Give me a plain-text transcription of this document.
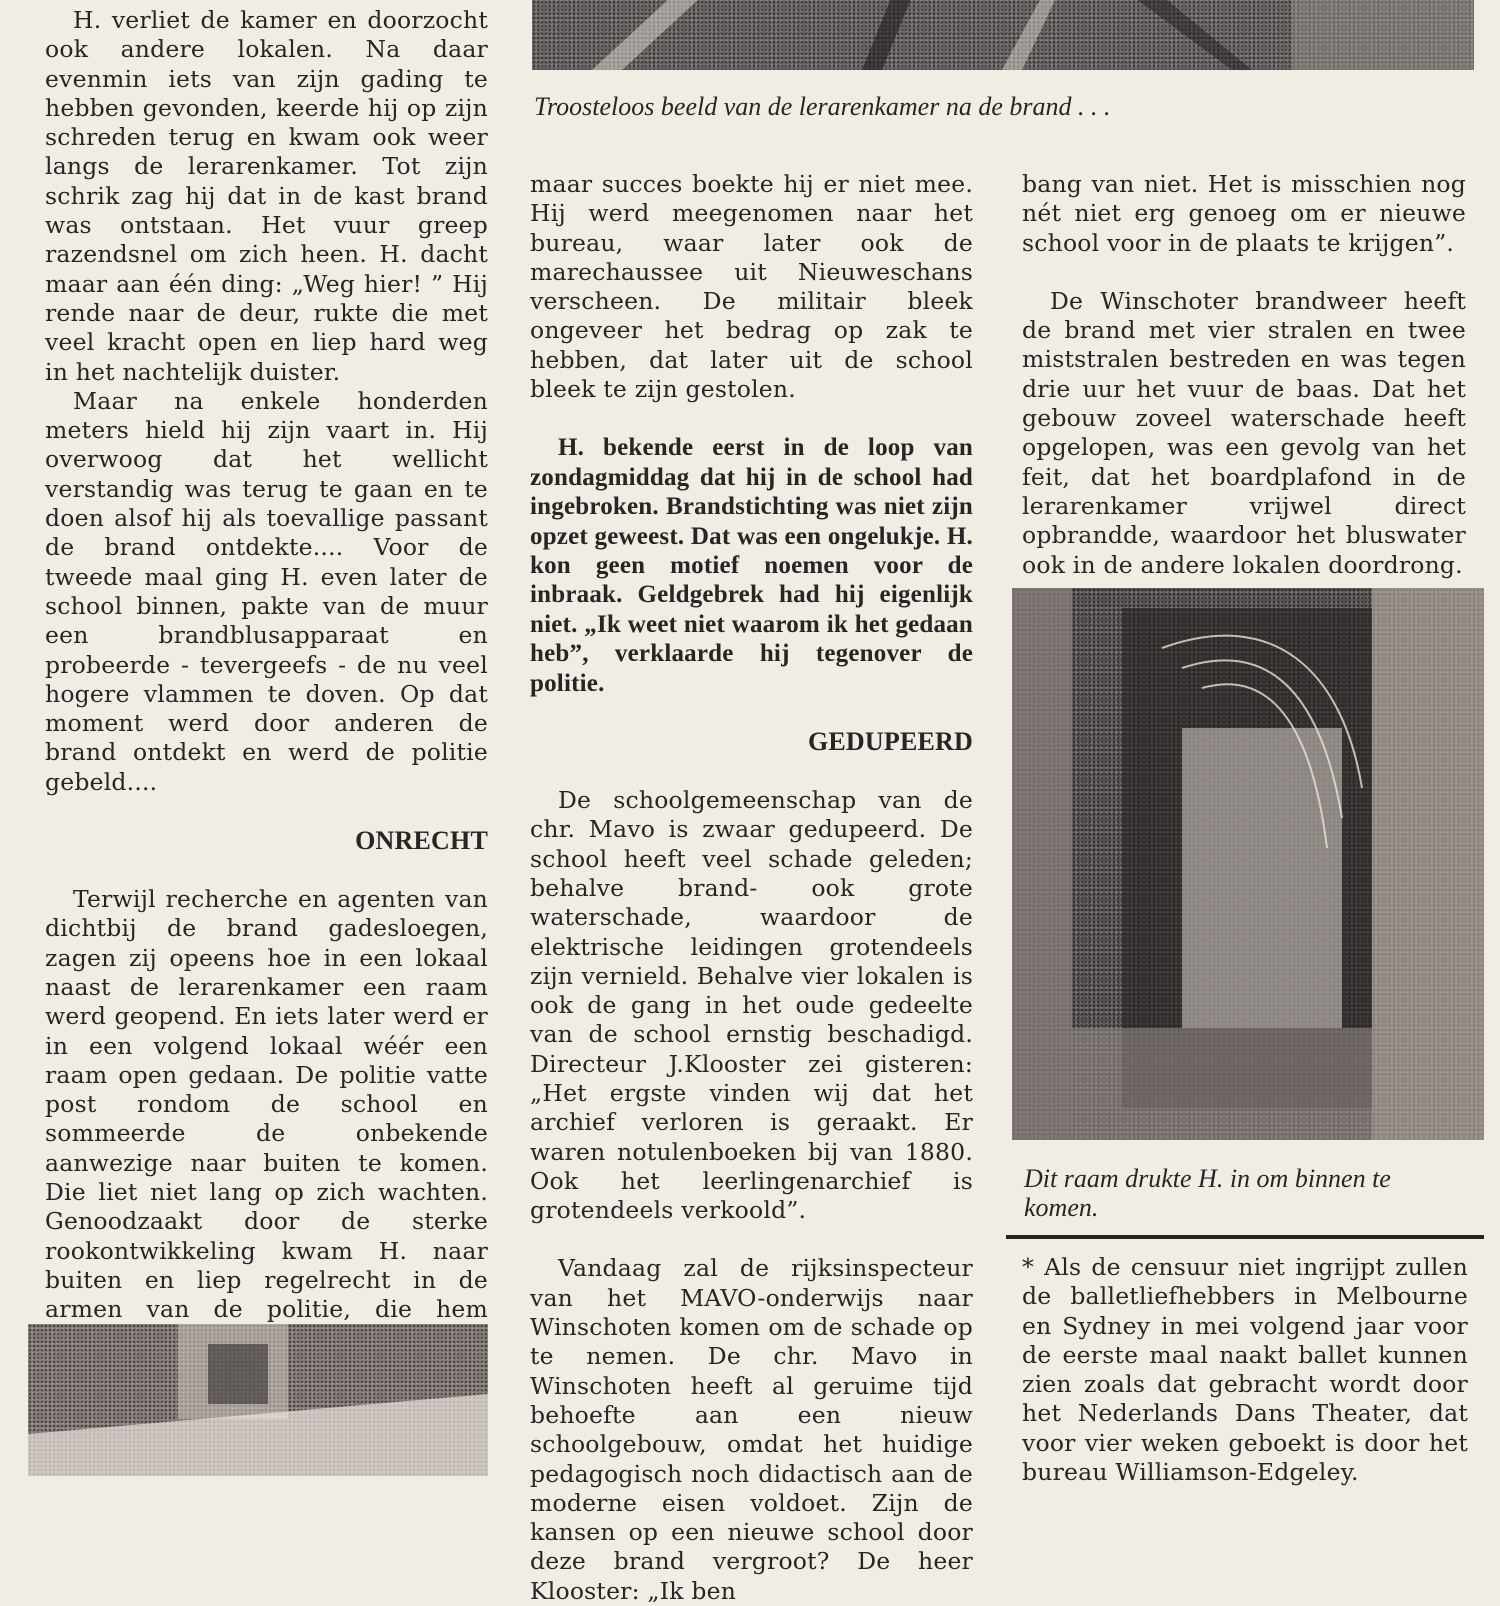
H. verliet de kamer en doorzocht ook andere lokalen. Na daar evenmin iets van zijn gading te hebben gevonden, keerde hij op zijn schreden terug en kwam ook weer langs de lerarenkamer. Tot zijn schrik zag hij dat in de kast brand was ontstaan. Het vuur greep razendsnel om zich heen. H. dacht maar aan één ding: „Weg hier! ” Hij rende naar de deur, rukte die met veel kracht open en liep hard weg in het nachtelijk duister.

Maar na enkele honderden meters hield hij zijn vaart in. Hij overwoog dat het wellicht verstandig was terug te gaan en te doen alsof hij als toevallige passant de brand ontdekte.... Voor de tweede maal ging H. even later de school binnen, pakte van de muur een brandblusapparaat en probeerde - tevergeefs - de nu veel hogere vlammen te doven. Op dat moment werd door anderen de brand ontdekt en werd de politie gebeld....

ONRECHT

Terwijl recherche en agenten van dichtbij de brand gadesloegen, zagen zij opeens hoe in een lokaal naast de lerarenkamer een raam werd geopend. En iets later werd er in een volgend lokaal wéér een raam open gedaan. De politie vatte post rondom de school en sommeerde de onbekende aanwezige naar buiten te komen. Die liet niet lang op zich wachten. Genoodzaakt door de sterke rookontwikkeling kwam H. naar buiten en liep regelrecht in de armen van de politie, die hem

Troosteloos beeld van de lerarenkamer na de brand . . .

maar succes boekte hij er niet mee. Hij werd meegenomen naar het bureau, waar later ook de marechaussee uit Nieuweschans verscheen. De militair bleek ongeveer het bedrag op zak te hebben, dat later uit de school bleek te zijn gestolen.

H. bekende eerst in de loop van zondagmiddag dat hij in de school had ingebroken. Brandstichting was niet zijn opzet geweest. Dat was een ongelukje. H. kon geen motief noemen voor de inbraak. Geldgebrek had hij eigenlijk niet. „Ik weet niet waarom ik het gedaan heb”, verklaarde hij tegenover de politie.

GEDUPEERD

De schoolgemeenschap van de chr. Mavo is zwaar gedupeerd. De school heeft veel schade geleden; behalve brand- ook grote waterschade, waardoor de elektrische leidingen grotendeels zijn vernield. Behalve vier lokalen is ook de gang in het oude gedeelte van de school ernstig beschadigd. Directeur J.Klooster zei gisteren: „Het ergste vinden wij dat het archief verloren is geraakt. Er waren notulenboeken bij van 1880. Ook het leerlingenarchief is grotendeels verkoold”.

Vandaag zal de rijksinspecteur van het MAVO-onderwijs naar Winschoten komen om de schade op te nemen. De chr. Mavo in Winschoten heeft al geruime tijd behoefte aan een nieuw schoolgebouw, omdat het huidige pedagogisch noch didactisch aan de moderne eisen voldoet. Zijn de kansen op een nieuwe school door deze brand vergroot? De heer Klooster: „Ik ben

bang van niet. Het is misschien nog nét niet erg genoeg om er nieuwe school voor in de plaats te krijgen”.

De Winschoter brandweer heeft de brand met vier stralen en twee miststralen bestreden en was tegen drie uur het vuur de baas. Dat het gebouw zoveel waterschade heeft opgelopen, was een gevolg van het feit, dat het boardplafond in de lerarenkamer vrijwel direct opbrandde, waardoor het bluswater ook in de andere lokalen doordrong.

Dit raam drukte H. in om binnen te komen.

* Als de censuur niet ingrijpt zullen de balletliefhebbers in Melbourne en Sydney in mei volgend jaar voor de eerste maal naakt ballet kunnen zien zoals dat gebracht wordt door het Nederlands Dans Theater, dat voor vier weken geboekt is door het bureau Williamson-Edgeley.
